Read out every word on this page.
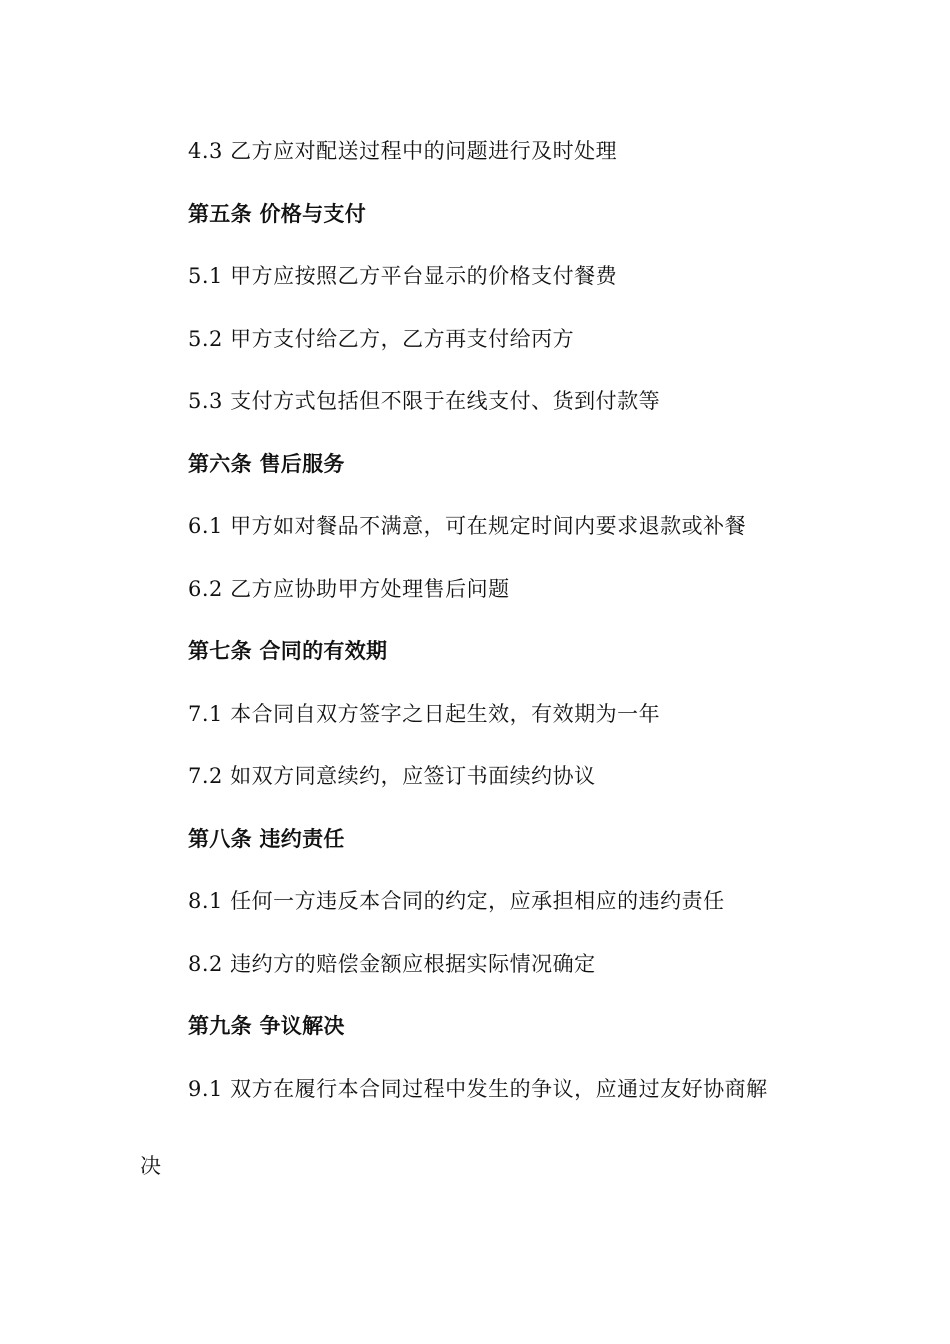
4.3 乙方应对配送过程中的问题进行及时处理
第五条 价格与支付
5.1 甲方应按照乙方平台显示的价格支付餐费
5.2 甲方支付给乙方，乙方再支付给丙方
5.3 支付方式包括但不限于在线支付、货到付款等
第六条 售后服务
6.1 甲方如对餐品不满意，可在规定时间内要求退款或补餐
6.2 乙方应协助甲方处理售后问题
第七条 合同的有效期
7.1 本合同自双方签字之日起生效，有效期为一年
7.2 如双方同意续约，应签订书面续约协议
第八条 违约责任
8.1 任何一方违反本合同的约定，应承担相应的违约责任
8.2 违约方的赔偿金额应根据实际情况确定
第九条 争议解决
9.1 双方在履行本合同过程中发生的争议，应通过友好协商解
决
